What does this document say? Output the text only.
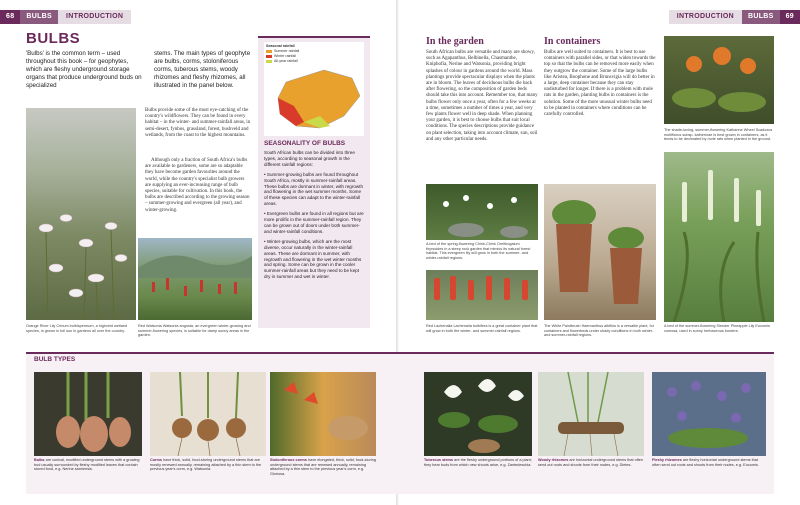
68	BULBS	INTRODUCTION
BULBS
'Bulbs' is the common term – used throughout this book – for geophytes, which are fleshy underground storage organs that produce underground buds on specialized
stems. The main types of geophyte are bulbs, corms, stoloniferous corms, tuberous stems, woody rhizomes and fleshy rhizomes, all illustrated in the panel below.
Bulbs provide some of the most eye-catching of the country's wildflowers. They can be found in every habitat – in the winter- and summer-rainfall areas, in semi-desert, fynbos, grassland, forest, bushveld and wetlands, from the coast to the highest mountains.
Although only a fraction of South Africa's bulbs are available to gardeners, some are so adaptable they have become garden favourites around the world, while the country's specialist bulb growers are supplying an ever-increasing range of bulb species, suitable for cultivation. In this book, the bulbs are described according to the growing season – summer-growing and evergreen (all year), and winter-growing.
Orange River Lily Crinum bulbispermum, a highveld wetland species, is grown in full sun in gardens all over the country.
Red Watsonia Watsonia angusta, an evergreen winter-growing and summer-flowering species, is suitable for damp sunny areas in the garden.
Seasonal rainfall
Summer rainfall
Winter rainfall
All-year rainfall
SEASONALITY OF BULBS

South African bulbs can be divided into three types, according to seasonal growth in the different rainfall regions:

• Summer-growing bulbs are found throughout South Africa, mostly in summer-rainfall areas. These bulbs are dormant in winter, with regrowth and flowering in the wet summer months. Some of these species can adapt to the winter-rainfall areas.

• Evergreen bulbs are found in all regions but are more prolific in the summer-rainfall region. They can be grown out of doors under both summer- and winter-rainfall conditions.

• Winter-growing bulbs, which are the most diverse, occur naturally in the winter-rainfall areas. These are dormant in summer, with regrowth and flowering in the wet winter months and spring. Some can be grown in the cooler summer-rainfall areas but they need to be kept dry in summer and wet in winter.

INTRODUCTION	BULBS	69
In the garden
South African bulbs are versatile and many are showy, such as Agapanthus, Belbinella, Chasmanthe, Kniphofia, Nerine and Watsonia, providing bright splashes of colour in gardens around the world. Mass plantings provide spectacular displays when the plants are in bloom. The leaves of deciduous bulbs die back after flowering, so the composition of garden beds should take this into account. Remember too, that many bulbs flower only once a year, often for a few weeks at a time, sometimes a number of times a year, and very few plants flower well in deep shade. When planning your garden, it is best to choose bulbs that suit local conditions. The species descriptions provide guidance on plant selection, taking into account climate, sun, soil and any other particular needs.
In containers
Bulbs are well suited to containers. It is best to use containers with parallel sides, or that widen towards the top so that the bulbs can be removed more easily when they outgrow the container. Some of the large bulbs like Aristea, Boophone and Brunsvigia will do better in a large, deep container because they can stay undisturbed for longer. If there is a problem with mole rats in the garden, planting bulbs in containers is the solution. Some of the more unusual winter bulbs need to be planted in containers where conditions can be carefully controlled.
The shade-loving, summer-flowering Katharine Wheel Scadoxus multiflorus subsp. katherinae is best grown in containers, as it tends to be decimated by mole rats when planted in the ground.
A bed of the summer-flowering Slender Pineapple Lily Eucomis comosa, used in sunny herbaceous borders.
A bed of the spring-flowering Chink-Chink Ornithogalum thyrsoides in a steep rock garden that mimics its natural forest habitat. This evergreen lily will grow in both the summer- and winter-rainfall regions.
Red Lachenalia Lachenalia bulbifera is a great container plant that will grow in both the winter- and summer-rainfall regions.
The White Paintbrush Haemanthus albiflos is a versatile plant, for containers and flowerbeds under shady conditions in both winter- and summer-rainfall regions.
BULB TYPES
Bulbs are conical, modified underground stems with a growing bud usually surrounded by fleshy modified leaves that contain stored food, e.g. Nerine sarniensis.
Corms have thick, solid, food-storing underground stems that are mostly renewed annually, remaining attached by a thin stem to the previous year's corm, e.g. Watsonia.
Stoloniferous corms have elongated, thick, solid, food-storing underground stems that are renewed annually, remaining attached by a thin stem to the previous year's corm, e.g. Gloriosa.
Tuberous stems are the fleshy underground portions of a plant; they bear buds from which new shoots arise, e.g. Zantedeschia.
Woody rhizomes are horizontal underground stems that often send out roots and shoots from their nodes, e.g. Dietes.
Fleshy rhizomes are fleshy horizontal underground stems that often send out roots and shoots from their nodes, e.g. Eucomis.
